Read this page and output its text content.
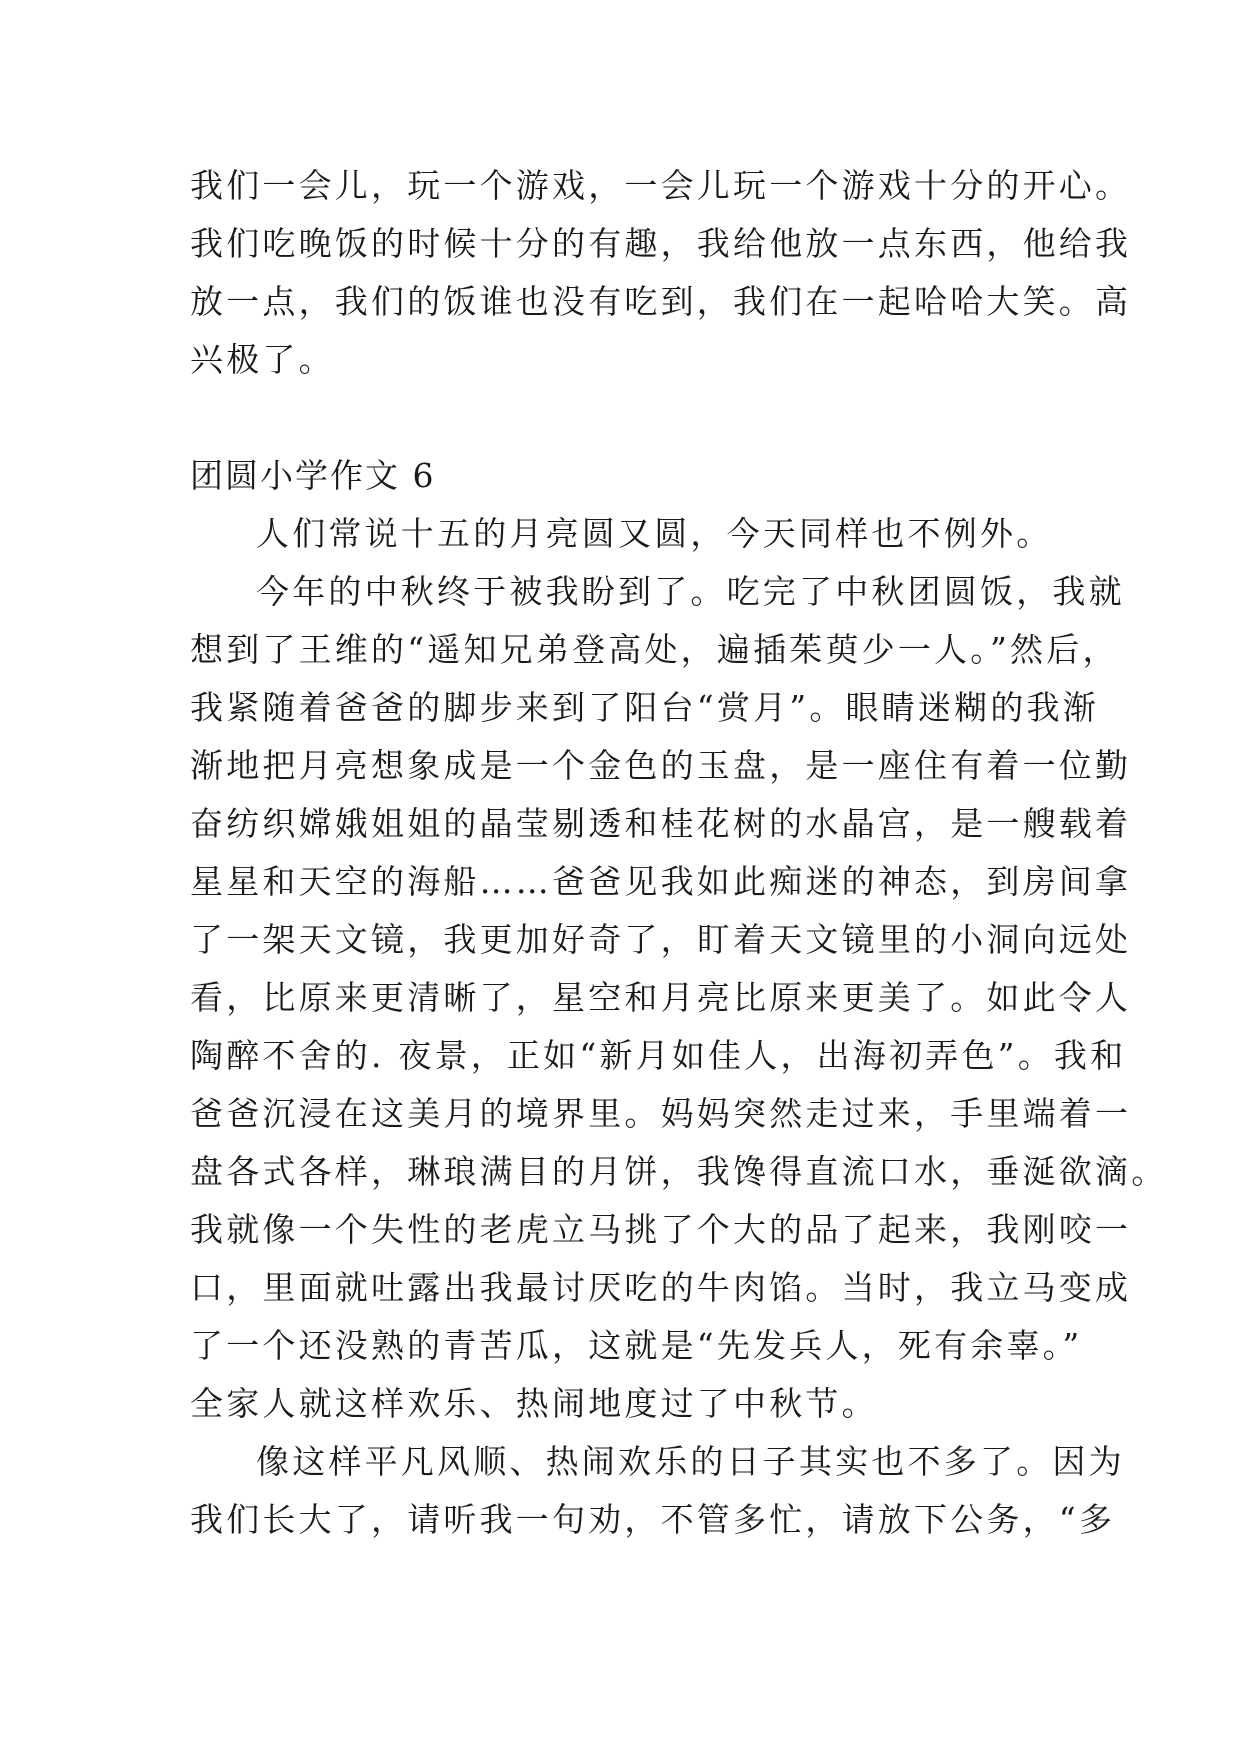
我们一会儿，玩一个游戏，一会儿玩一个游戏十分的开心。
我们吃晚饭的时候十分的有趣，我给他放一点东西，他给我
放一点，我们的饭谁也没有吃到，我们在一起哈哈大笑。高
兴极了。
团圆小学作文 6
人们常说十五的月亮圆又圆，今天同样也不例外。
今年的中秋终于被我盼到了。吃完了中秋团圆饭，我就
想到了王维的“遥知兄弟登高处，遍插茱萸少一人。”然后，
我紧随着爸爸的脚步来到了阳台“赏月”。眼睛迷糊的我渐
渐地把月亮想象成是一个金色的玉盘，是一座住有着一位勤
奋纺织嫦娥姐姐的晶莹剔透和桂花树的水晶宫，是一艘载着
星星和天空的海船……爸爸见我如此痴迷的神态，到房间拿
了一架天文镜，我更加好奇了，盯着天文镜里的小洞向远处
看，比原来更清晰了，星空和月亮比原来更美了。如此令人
陶醉不舍的. 夜景，正如“新月如佳人，出海初弄色”。我和
爸爸沉浸在这美月的境界里。妈妈突然走过来，手里端着一
盘各式各样，琳琅满目的月饼，我馋得直流口水，垂涎欲滴。
我就像一个失性的老虎立马挑了个大的品了起来，我刚咬一
口，里面就吐露出我最讨厌吃的牛肉馅。当时，我立马变成
了一个还没熟的青苦瓜，这就是“先发兵人，死有余辜。”
全家人就这样欢乐、热闹地度过了中秋节。
像这样平凡风顺、热闹欢乐的日子其实也不多了。因为
我们长大了，请听我一句劝，不管多忙，请放下公务，“多
